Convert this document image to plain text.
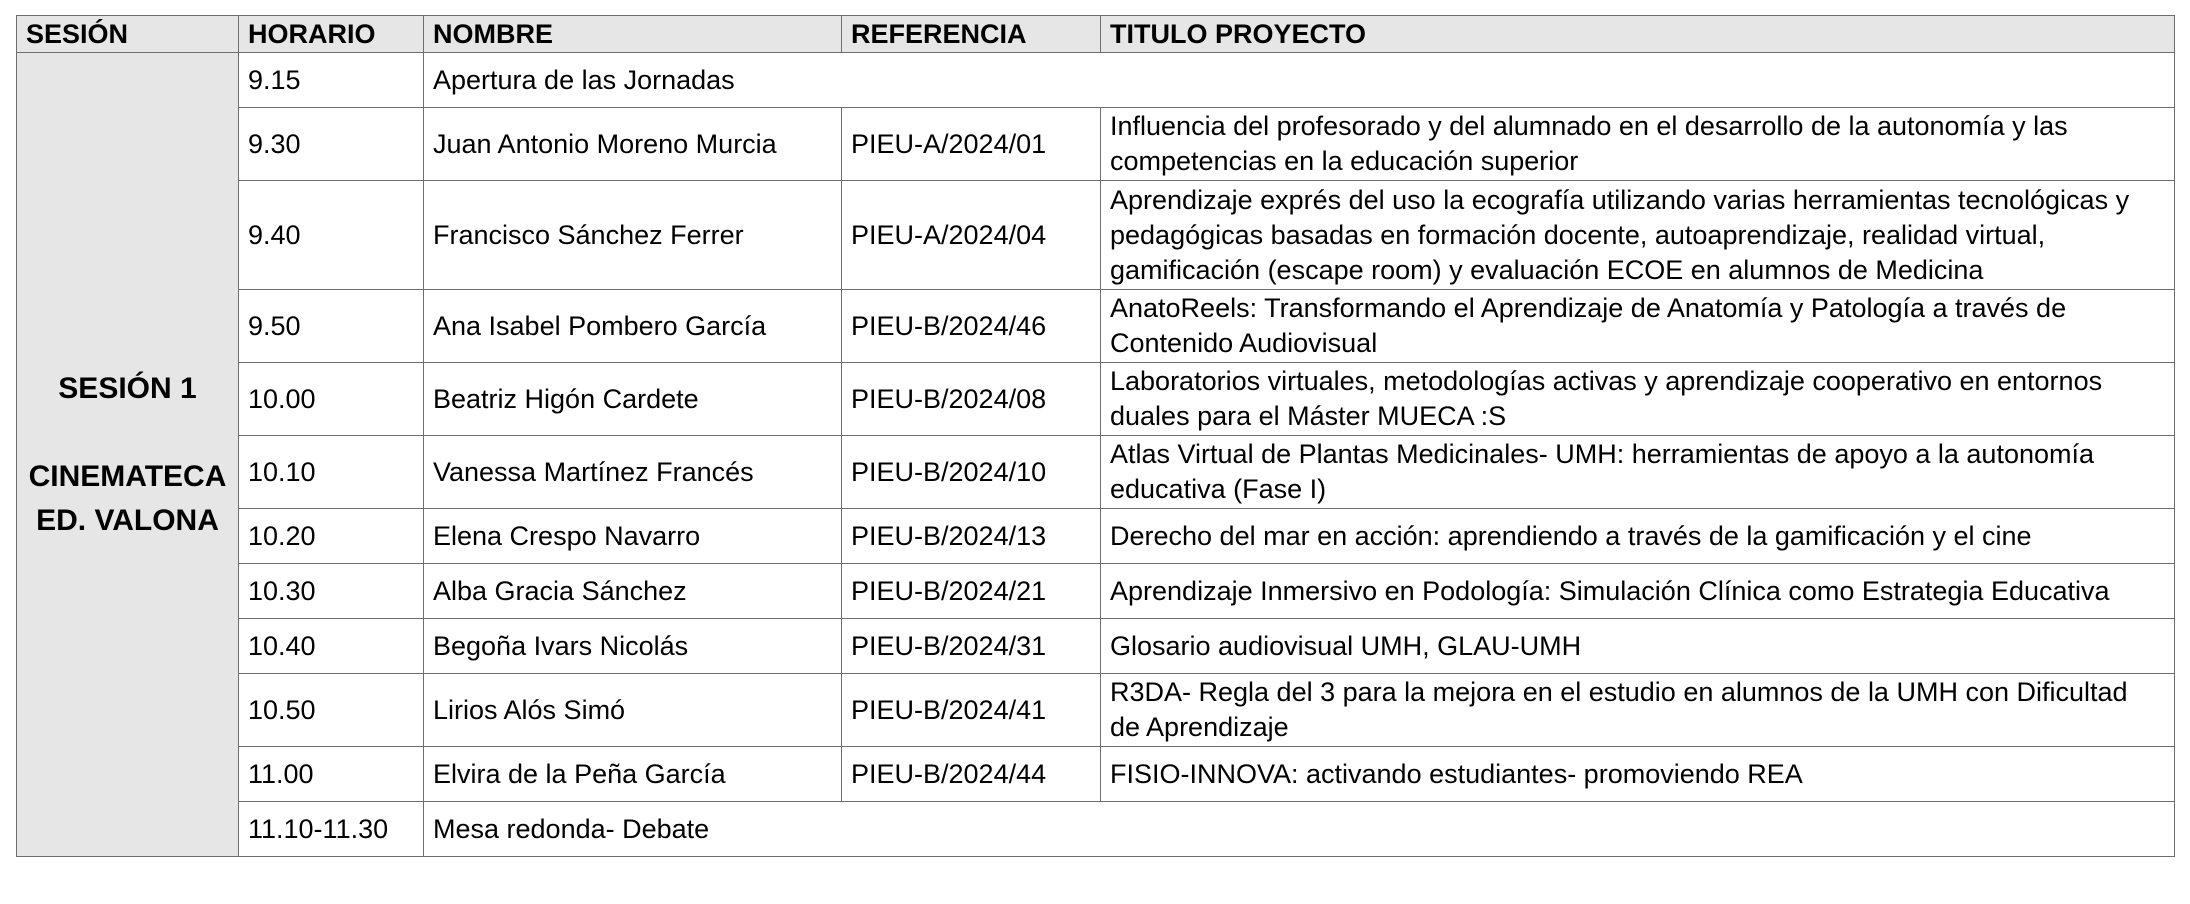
SESIÓN	HORARIO	NOMBRE	REFERENCIA	TITULO PROYECTO

SESIÓN 1
CINEMATECA
ED. VALONA	9.15	Apertura de las Jornadas		
	9.30	Juan Antonio Moreno Murcia	PIEU-A/2024/01	Influencia del profesorado y del alumnado en el desarrollo de la autonomía y las competencias en la educación superior
	9.40	Francisco Sánchez Ferrer	PIEU-A/2024/04	Aprendizaje exprés del uso la ecografía utilizando varias herramientas tecnológicas y pedagógicas basadas en formación docente, autoaprendizaje, realidad virtual, gamificación (escape room) y evaluación ECOE en alumnos de Medicina
	9.50	Ana Isabel Pombero García	PIEU-B/2024/46	AnatoReels: Transformando el Aprendizaje de Anatomía y Patología a través de Contenido Audiovisual
	10.00	Beatriz Higón Cardete	PIEU-B/2024/08	Laboratorios virtuales, metodologías activas y aprendizaje cooperativo en entornos duales para el Máster MUECA :S
	10.10	Vanessa Martínez Francés	PIEU-B/2024/10	Atlas Virtual de Plantas Medicinales- UMH: herramientas de apoyo a la autonomía educativa (Fase I)
	10.20	Elena Crespo Navarro	PIEU-B/2024/13	Derecho del mar en acción: aprendiendo a través de la gamificación y el cine
	10.30	Alba Gracia Sánchez	PIEU-B/2024/21	Aprendizaje Inmersivo en Podología: Simulación Clínica como Estrategia Educativa
	10.40	Begoña Ivars Nicolás	PIEU-B/2024/31	Glosario audiovisual UMH, GLAU-UMH
	10.50	Lirios Alós Simó	PIEU-B/2024/41	R3DA- Regla del 3 para la mejora en el estudio en alumnos de la UMH con Dificultad de Aprendizaje
	11.00	Elvira de la Peña García	PIEU-B/2024/44	FISIO-INNOVA: activando estudiantes- promoviendo REA
	11.10-11.30	Mesa redonda- Debate		
